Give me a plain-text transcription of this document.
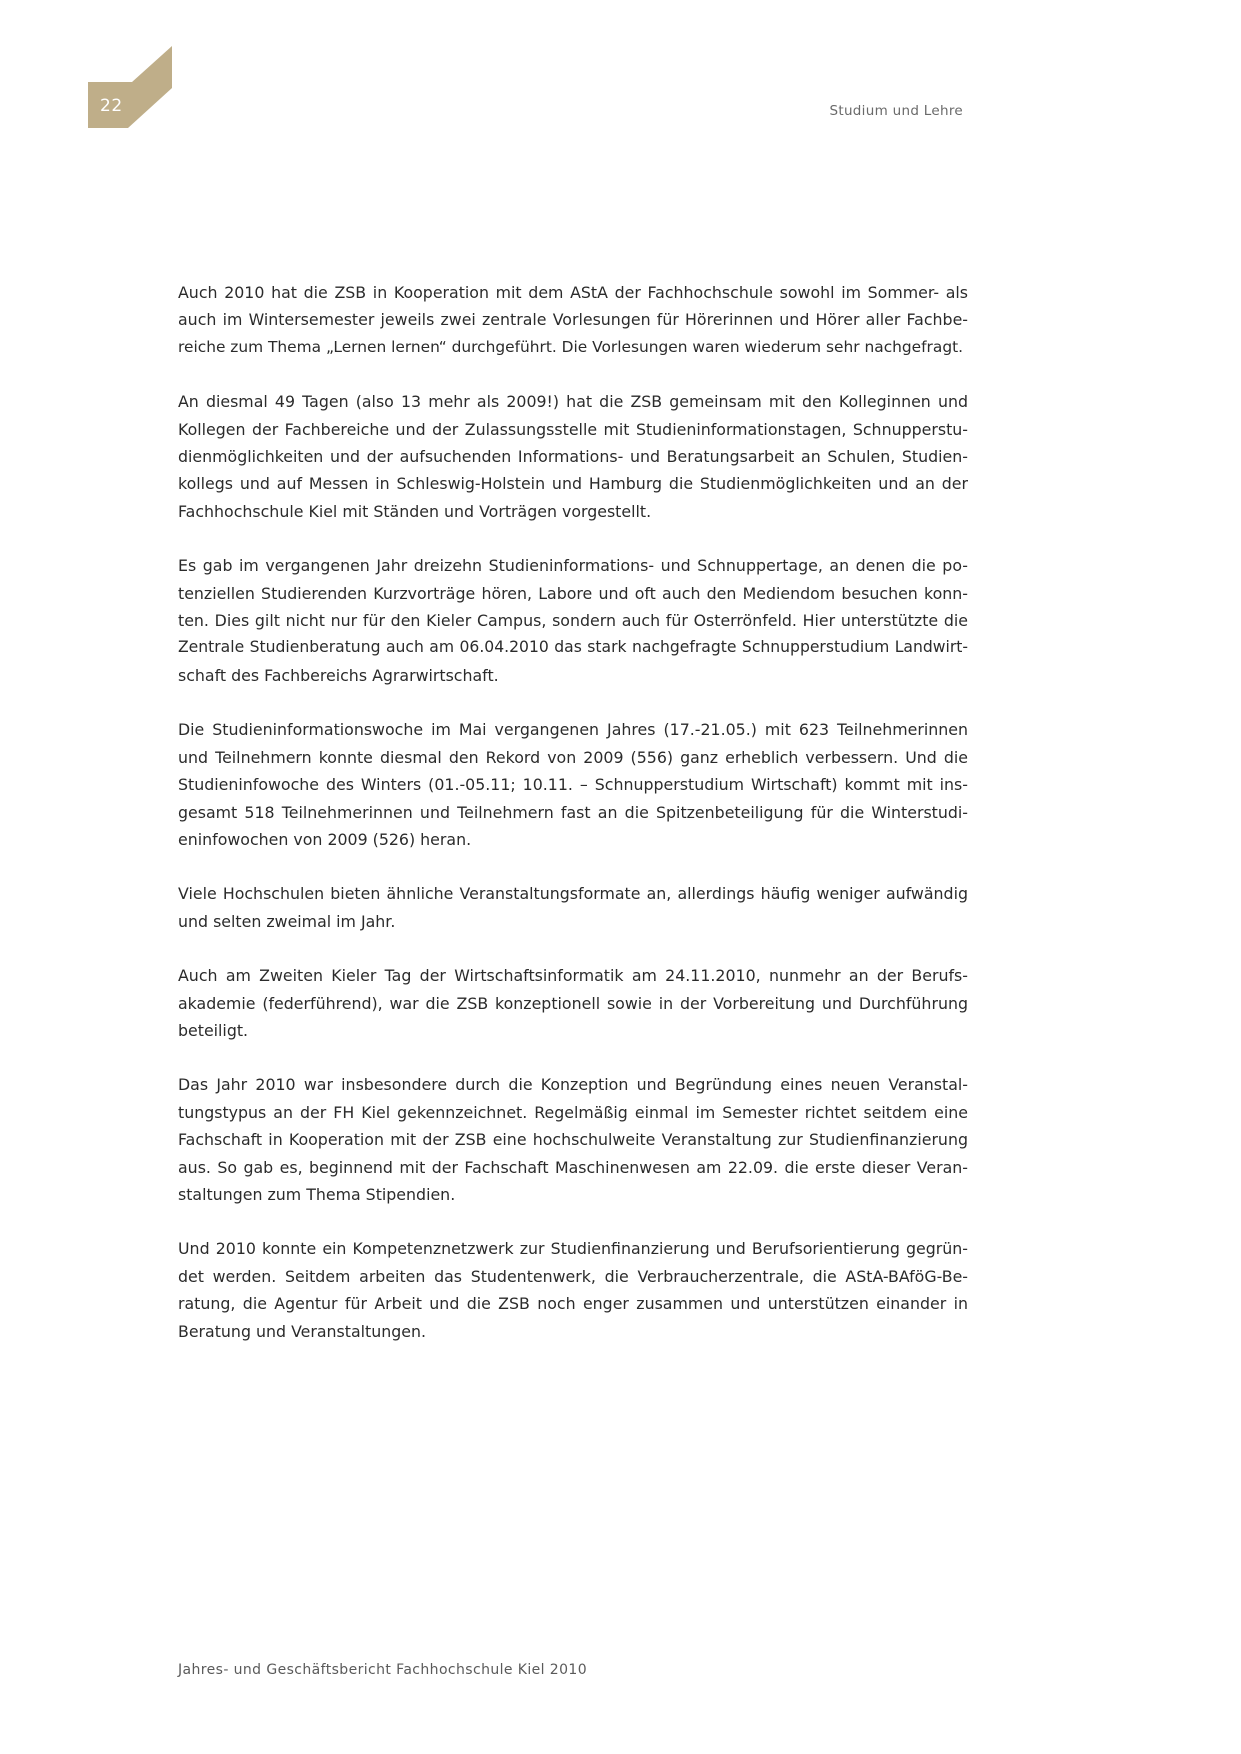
22	Studium und Lehre

Auch 2010 hat die ZSB in Kooperation mit dem AStA der Fachhochschule sowohl im Sommer- als
auch im Wintersemester jeweils zwei zentrale Vorlesungen für Hörerinnen und Hörer aller Fachbe-
reiche zum Thema „Lernen lernen“ durchgeführt. Die Vorlesungen waren wiederum sehr nachgefragt.

An diesmal 49 Tagen (also 13 mehr als 2009!) hat die ZSB gemeinsam mit den Kolleginnen und
Kollegen der Fachbereiche und der Zulassungsstelle mit Studieninformationstagen, Schnupperstu-
dienmöglichkeiten und der aufsuchenden Informations- und Beratungsarbeit an Schulen, Studien-
kollegs und auf Messen in Schleswig-Holstein und Hamburg die Studienmöglichkeiten und an der
Fachhochschule Kiel mit Ständen und Vorträgen vorgestellt.

Es gab im vergangenen Jahr dreizehn Studieninformations- und Schnuppertage, an denen die po-
tenziellen Studierenden Kurzvorträge hören, Labore und oft auch den Mediendom besuchen konn-
ten. Dies gilt nicht nur für den Kieler Campus, sondern auch für Osterrönfeld. Hier unterstützte die
Zentrale Studienberatung auch am 06.04.2010 das stark nachgefragte Schnupperstudium Landwirt-
schaft des Fachbereichs Agrarwirtschaft.

Die Studieninformationswoche im Mai vergangenen Jahres (17.-21.05.) mit 623 Teilnehmerinnen
und Teilnehmern konnte diesmal den Rekord von 2009 (556) ganz erheblich verbessern. Und die
Studieninfowoche des Winters (01.-05.11; 10.11. – Schnupperstudium Wirtschaft) kommt mit ins-
gesamt 518 Teilnehmerinnen und Teilnehmern fast an die Spitzenbeteiligung für die Winterstudi-
eninfowochen von 2009 (526) heran.

Viele Hochschulen bieten ähnliche Veranstaltungsformate an, allerdings häufig weniger aufwändig
und selten zweimal im Jahr.

Auch am Zweiten Kieler Tag der Wirtschaftsinformatik am 24.11.2010, nunmehr an der Berufs-
akademie (federführend), war die ZSB konzeptionell sowie in der Vorbereitung und Durchführung
beteiligt.

Das Jahr 2010 war insbesondere durch die Konzeption und Begründung eines neuen Veranstal-
tungstypus an der FH Kiel gekennzeichnet. Regelmäßig einmal im Semester richtet seitdem eine
Fachschaft in Kooperation mit der ZSB eine hochschulweite Veranstaltung zur Studienfinanzierung
aus. So gab es, beginnend mit der Fachschaft Maschinenwesen am 22.09. die erste dieser Veran-
staltungen zum Thema Stipendien.

Und 2010 konnte ein Kompetenznetzwerk zur Studienfinanzierung und Berufsorientierung gegrün-
det werden. Seitdem arbeiten das Studentenwerk, die Verbraucherzentrale, die AStA-BAföG-Be-
ratung, die Agentur für Arbeit und die ZSB noch enger zusammen und unterstützen einander in
Beratung und Veranstaltungen.

Jahres- und Geschäftsbericht Fachhochschule Kiel 2010
